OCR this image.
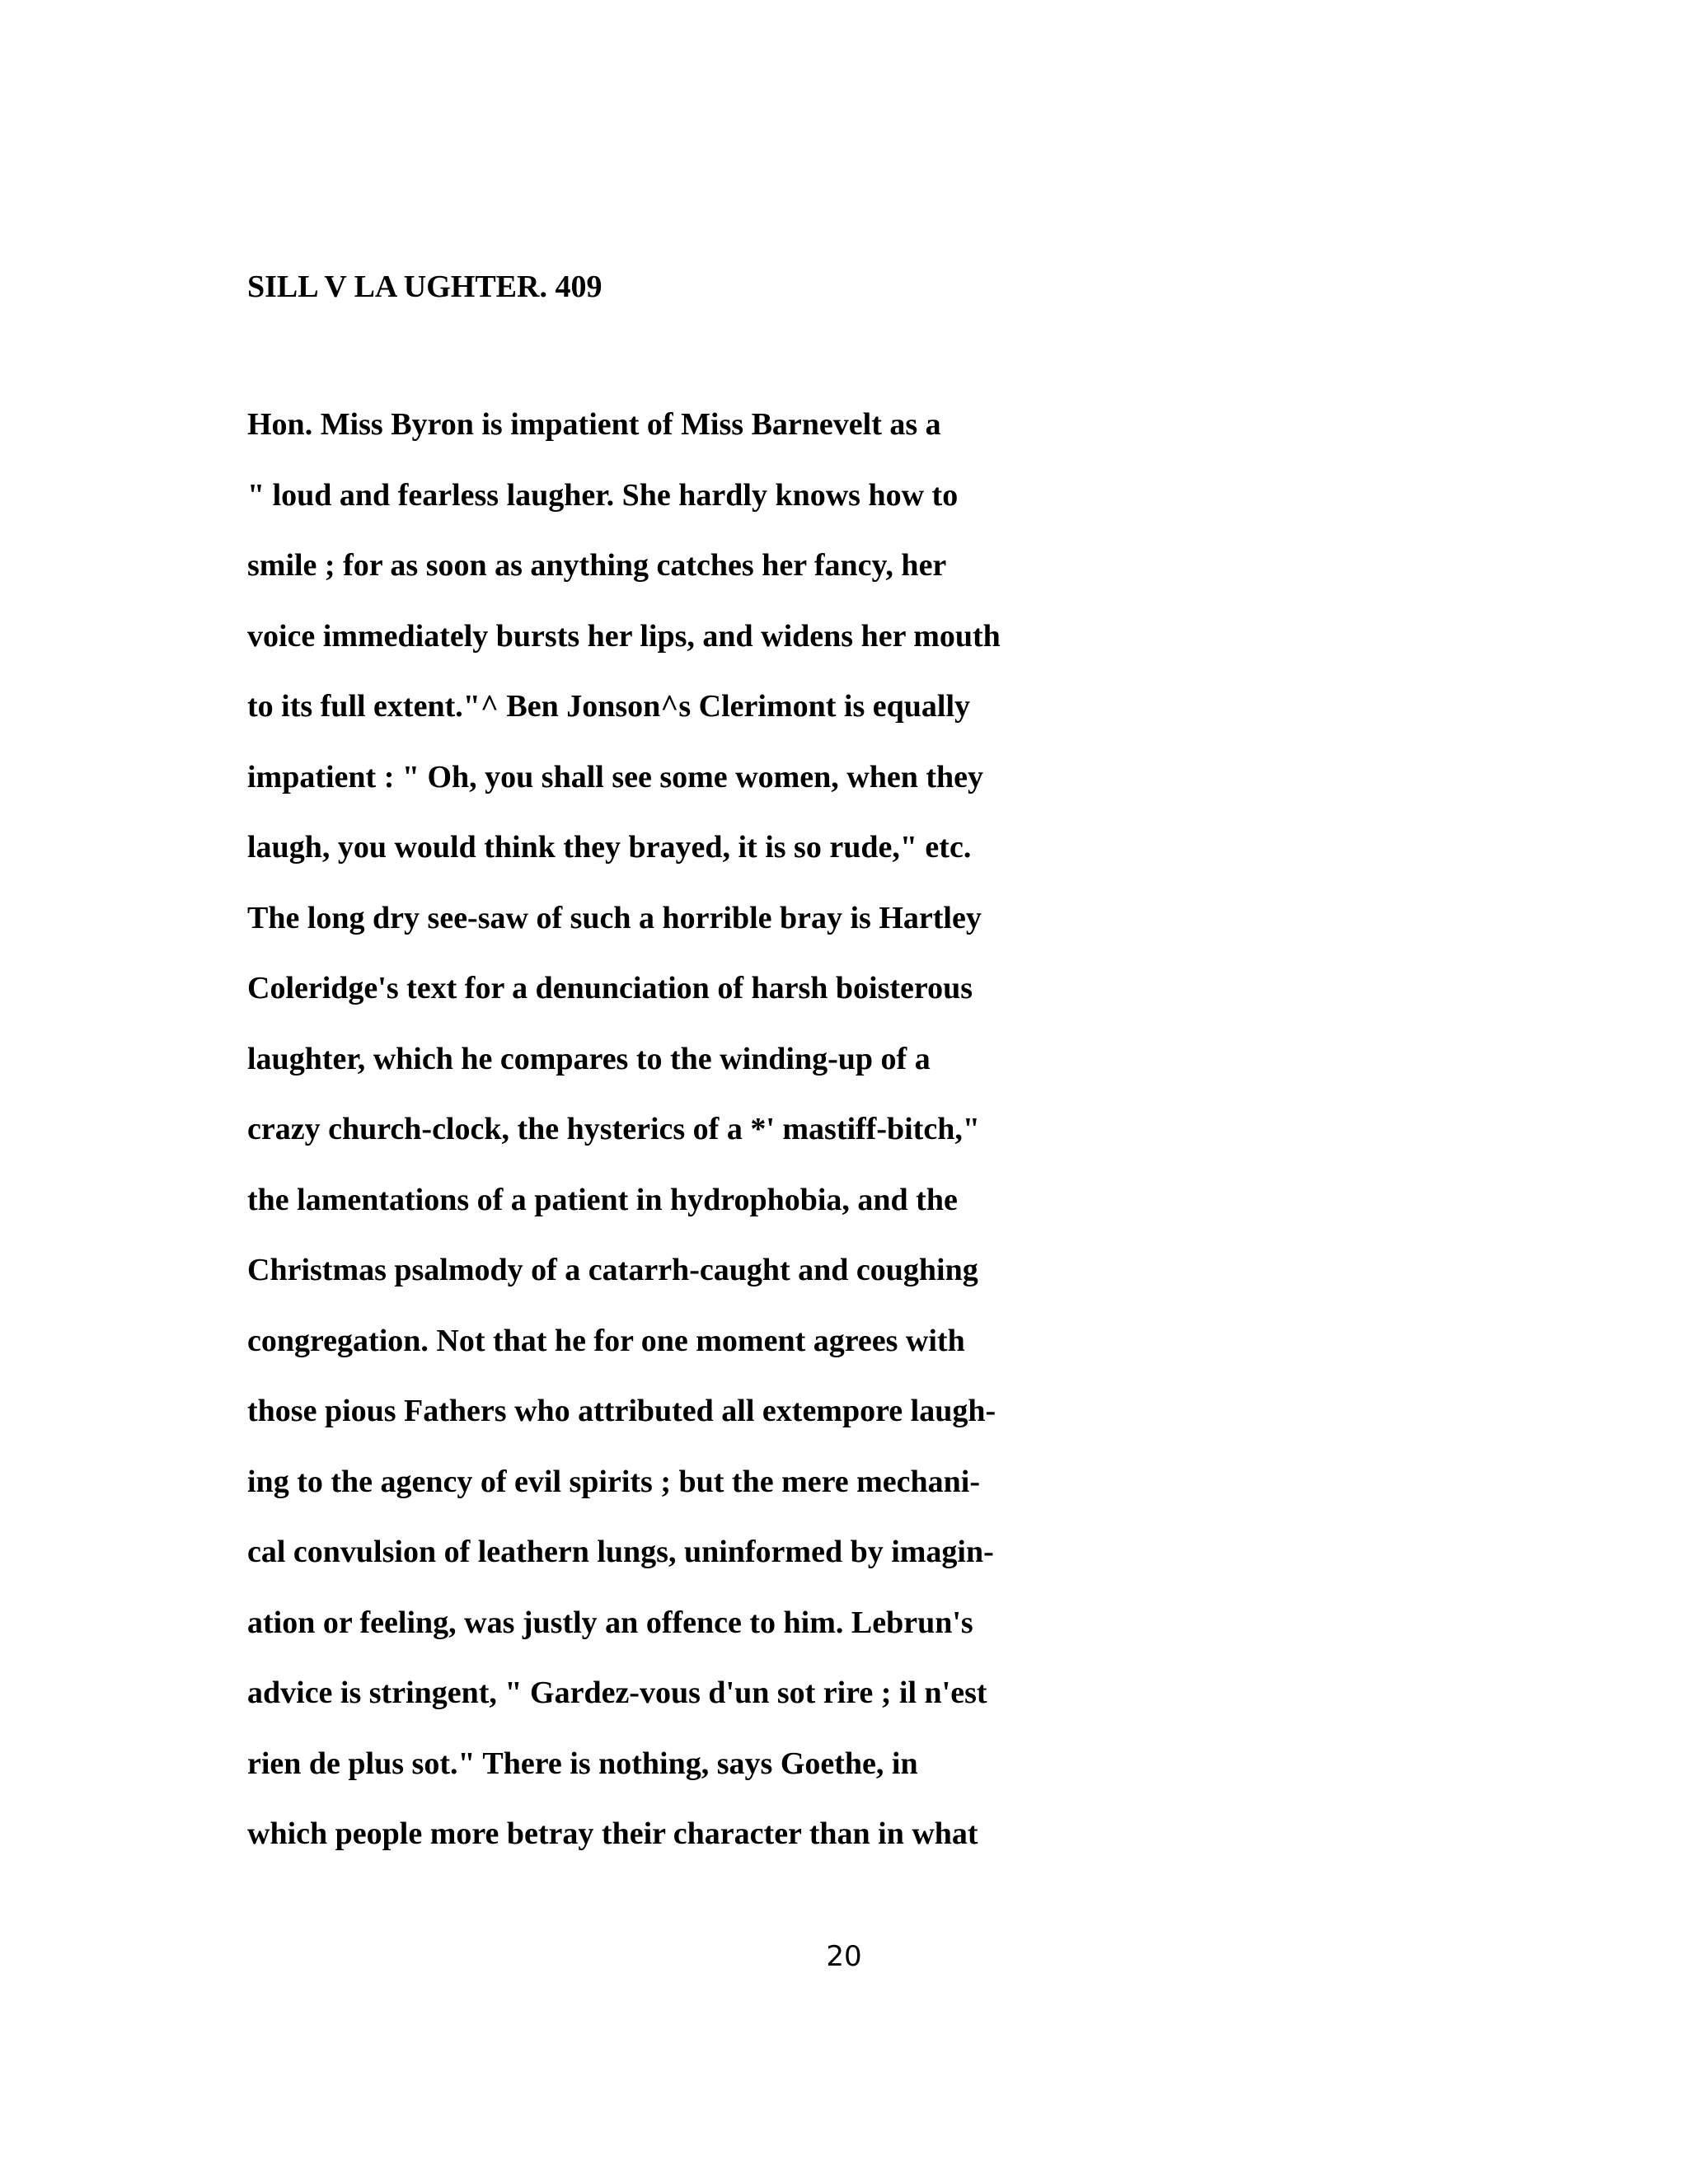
SILL V LA UGHTER. 409
Hon. Miss Byron is impatient of Miss Barnevelt as a
" loud and fearless laugher. She hardly knows how to
smile ; for as soon as anything catches her fancy, her
voice immediately bursts her lips, and widens her mouth
to its full extent."^ Ben Jonson^s Clerimont is equally
impatient : " Oh, you shall see some women, when they
laugh, you would think they brayed, it is so rude," etc.
The long dry see-saw of such a horrible bray is Hartley
Coleridge's text for a denunciation of harsh boisterous
laughter, which he compares to the winding-up of a
crazy church-clock, the hysterics of a *' mastiff-bitch,"
the lamentations of a patient in hydrophobia, and the
Christmas psalmody of a catarrh-caught and coughing
congregation. Not that he for one moment agrees with
those pious Fathers who attributed all extempore laugh-
ing to the agency of evil spirits ; but the mere mechani-
cal convulsion of leathern lungs, uninformed by imagin-
ation or feeling, was justly an offence to him. Lebrun's
advice is stringent, " Gardez-vous d'un sot rire ; il n'est
rien de plus sot." There is nothing, says Goethe, in
which people more betray their character than in what
20
